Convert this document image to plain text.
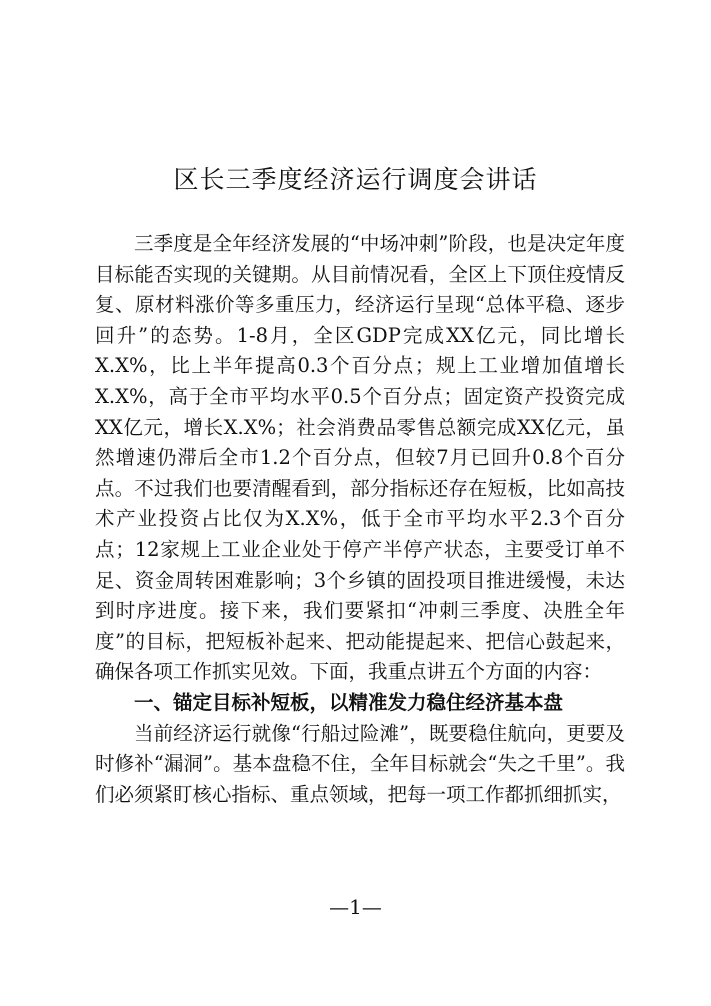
区长三季度经济运行调度会讲话

三季度是全年经济发展的“中场冲刺”阶段，也是决定年度目标能否实现的关键期。从目前情况看，全区上下顶住疫情反复、原材料涨价等多重压力，经济运行呈现“总体平稳、逐步回升”的态势。1-8月，全区GDP完成XX亿元，同比增长X.X%，比上半年提高0.3个百分点；规上工业增加值增长X.X%，高于全市平均水平0.5个百分点；固定资产投资完成XX亿元，增长X.X%；社会消费品零售总额完成XX亿元，虽然增速仍滞后全市1.2个百分点，但较7月已回升0.8个百分点。不过我们也要清醒看到，部分指标还存在短板，比如高技术产业投资占比仅为X.X%，低于全市平均水平2.3个百分点；12家规上工业企业处于停产半停产状态，主要受订单不足、资金周转困难影响；3个乡镇的固投项目推进缓慢，未达到时序进度。接下来，我们要紧扣“冲刺三季度、决胜全年度”的目标，把短板补起来、把动能提起来、把信心鼓起来，确保各项工作抓实见效。下面，我重点讲五个方面的内容：

一、锚定目标补短板，以精准发力稳住经济基本盘

当前经济运行就像“行船过险滩”，既要稳住航向，更要及时修补“漏洞”。基本盘稳不住，全年目标就会“失之千里”。我们必须紧盯核心指标、重点领域，把每一项工作都抓细抓实，

—1—
